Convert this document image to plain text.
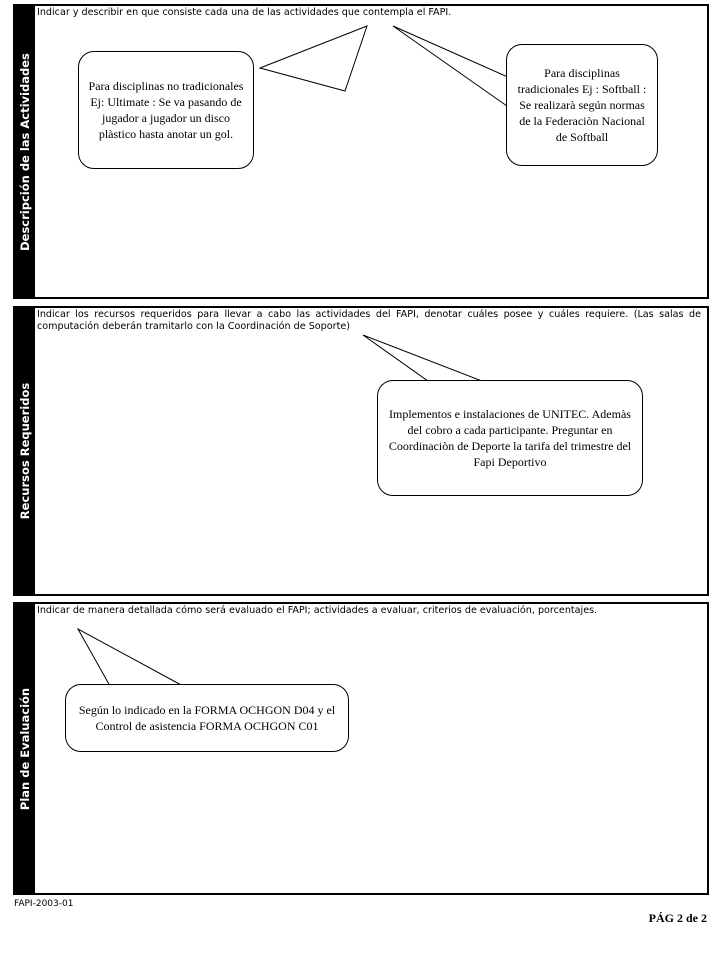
Descripción de las Actividades
Indicar y describir en que consiste cada una de las actividades que contempla el FAPI.
Para disciplinas no tradicionales Ej: Ultimate : Se va pasando de jugador a jugador un disco plàstico hasta anotar un gol.
Para disciplinas tradicionales Ej : Softball : Se realizarà según normas de la Federaciòn Nacional de Softball
Recursos Requeridos
Indicar los recursos requeridos para llevar a cabo las actividades del FAPI, denotar cuáles posee y cuáles requiere. (Las salas de computación deberán tramitarlo con la Coordinación de Soporte)
Implementos e instalaciones de UNITEC. Ademàs del cobro a cada participante. Preguntar en Coordinaciòn de Deporte la tarifa del trimestre del Fapi Deportivo
Plan de Evaluación
Indicar de manera detallada cómo será evaluado el FAPI; actividades a evaluar, criterios de evaluación, porcentajes.
Según lo indicado en la FORMA OCHGON D04 y el Control de asistencia FORMA OCHGON C01
FAPI-2003-01
PÁG 2 de 2
